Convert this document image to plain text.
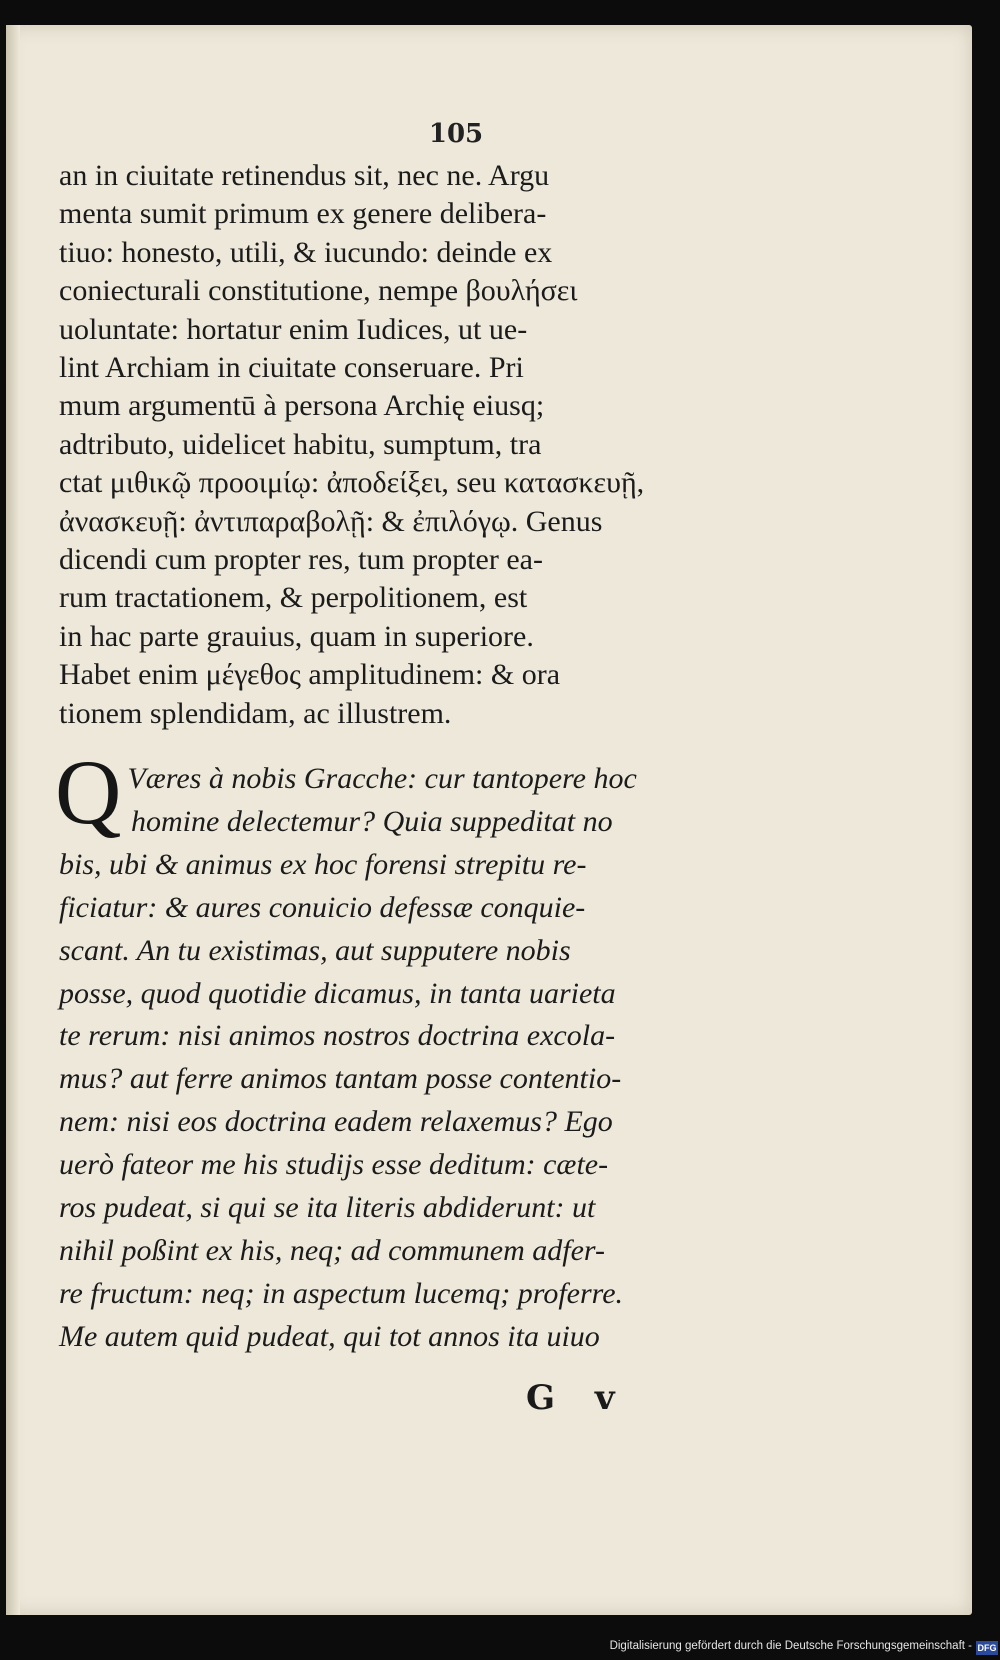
105
an in ciuitate retinendus sit, nec ne. Argu
menta sumit primum ex genere delibera-
tiuo: honesto, utili, & iucundo: deinde ex
coniecturali constitutione, nempe βουλήσει
uoluntate: hortatur enim Iudices, ut ue-
lint Archiam in ciuitate conseruare. Pri
mum argumentū à persona Archię eiusq;
adtributo, uidelicet habitu, sumptum, tra
ctat μιθικῷ προοιμίῳ: ἀποδείξει, seu κατασκευῇ,
ἀνασκευῇ: ἀντιπαραβολῇ: & ἐπιλόγῳ. Genus
dicendi cum propter res, tum propter ea-
rum tractationem, & perpolitionem, est
in hac parte grauius, quam in superiore.
Habet enim μέγεθος amplitudinem: & ora
tionem splendidam, ac illustrem.
Q Væres à nobis Gracche: cur tantopere hoc
homine delectemur? Quia suppeditat no
bis, ubi & animus ex hoc forensi strepitu re-
ficiatur: & aures conuicio defessæ conquie-
scant. An tu existimas, aut supputere nobis
posse, quod quotidie dicamus, in tanta uarieta
te rerum: nisi animos nostros doctrina excola-
mus? aut ferre animos tantam posse contentio-
nem: nisi eos doctrina eadem relaxemus? Ego
uerò fateor me his studijs esse deditum: cæte-
ros pudeat, si qui se ita literis abdiderunt: ut
nihil poßint ex his, neq; ad communem adfer-
re fructum: neq; in aspectum lucemq; proferre.
Me autem quid pudeat, qui tot annos ita uiuo
G v
Digitalisierung gefördert durch die Deutsche Forschungsgemeinschaft - DFG
